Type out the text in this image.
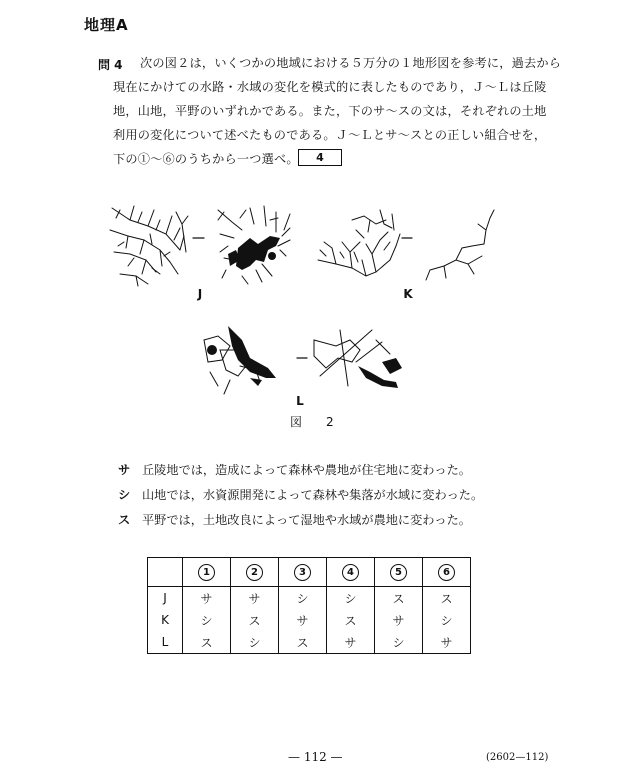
地理A
問 4 次の図２は，いくつかの地域における５万分の１地形図を参考に，過去から
現在にかけての水路・水域の変化を模式的に表したものであり，Ｊ～Ｌは丘陵
地，山地，平野のいずれかである。また，下のサ～スの文は，それぞれの土地
利用の変化について述べたものである。Ｊ～Ｌとサ～スとの正しい組合せを，
下の①～⑥のうちから一つ選べ。	4
J	K
L
図　2
サ 丘陵地では，造成によって森林や農地が住宅地に変わった。
シ 山地では，水資源開発によって森林や集落が水域に変わった。
ス 平野では，土地改良によって湿地や水域が農地に変わった。
	1	2	3	4	5	6
J	サ	サ	シ	シ	ス	ス
K	シ	ス	サ	ス	サ	シ
L	ス	シ	ス	サ	シ	サ
— 112 —	(2602—112)
